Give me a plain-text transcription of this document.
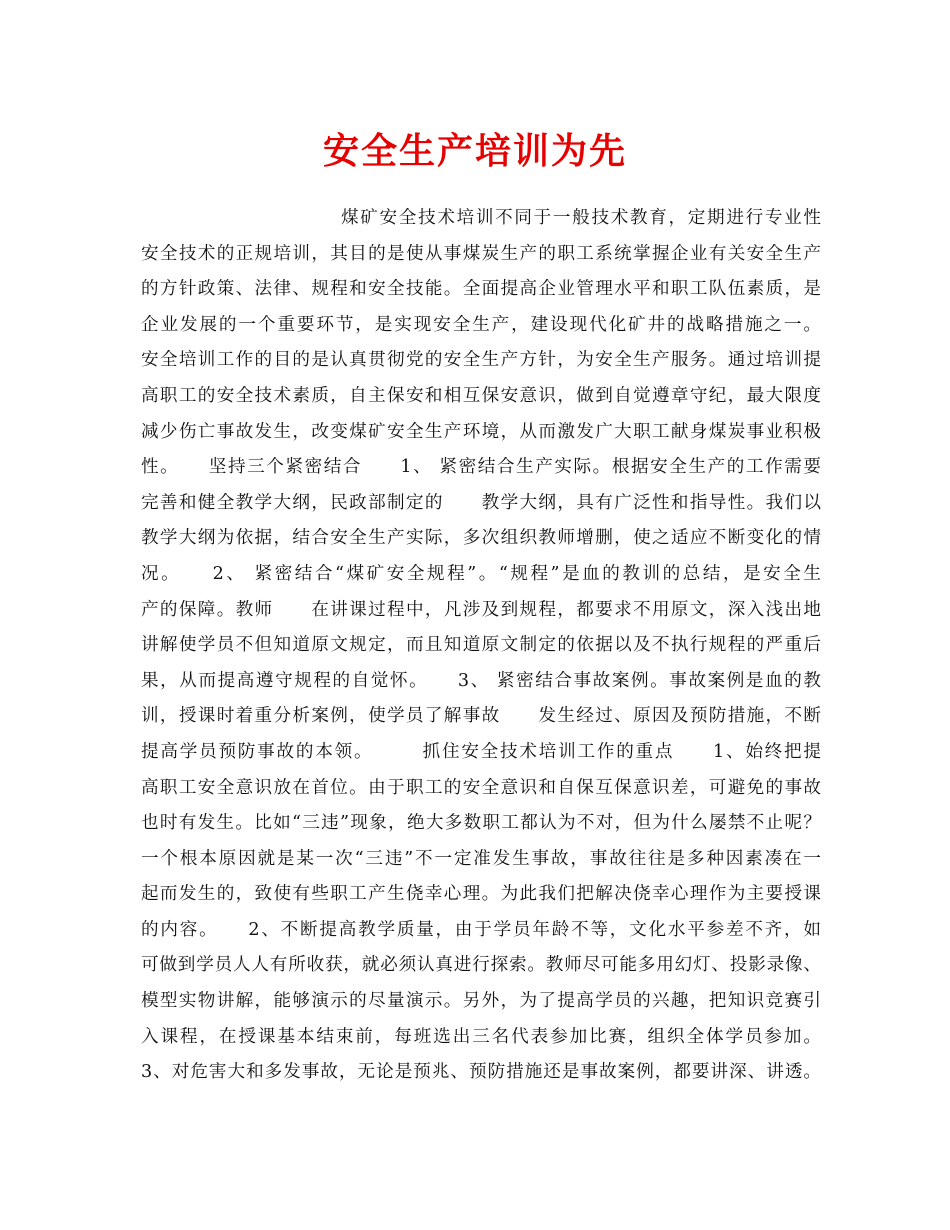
安全生产培训为先
煤矿安全技术培训不同于一般技术教育，定期进行专业性
安全技术的正规培训，其目的是使从事煤炭生产的职工系统掌握企业有关安全生产
的方针政策、法律、规程和安全技能。全面提高企业管理水平和职工队伍素质，是
企业发展的一个重要环节，是实现安全生产，建设现代化矿井的战略措施之一。
安全培训工作的目的是认真贯彻党的安全生产方针，为安全生产服务。通过培训提
高职工的安全技术素质，自主保安和相互保安意识，做到自觉遵章守纪，最大限度
减少伤亡事故发生，改变煤矿安全生产环境，从而激发广大职工献身煤炭事业积极
性。　　坚持三个紧密结合　　1、 紧密结合生产实际。根据安全生产的工作需要
完善和健全教学大纲，民政部制定的　　教学大纲，具有广泛性和指导性。我们以
教学大纲为依据，结合安全生产实际，多次组织教师增删，使之适应不断变化的情
况。　　2、 紧密结合“煤矿安全规程”。“规程”是血的教训的总结，是安全生
产的保障。教师　　在讲课过程中，凡涉及到规程，都要求不用原文，深入浅出地
讲解使学员不但知道原文规定，而且知道原文制定的依据以及不执行规程的严重后
果，从而提高遵守规程的自觉怀。　　3、 紧密结合事故案例。事故案例是血的教
训，授课时着重分析案例，使学员了解事故　　发生经过、原因及预防措施，不断
提高学员预防事故的本领。　　　抓住安全技术培训工作的重点　　1、始终把提
高职工安全意识放在首位。由于职工的安全意识和自保互保意识差，可避免的事故
也时有发生。比如“三违”现象，绝大多数职工都认为不对，但为什么屡禁不止呢？
一个根本原因就是某一次“三违”不一定准发生事故，事故往往是多种因素凑在一
起而发生的，致使有些职工产生侥幸心理。为此我们把解决侥幸心理作为主要授课
的内容。　　2、不断提高教学质量，由于学员年龄不等，文化水平参差不齐，如
可做到学员人人有所收获，就必须认真进行探索。教师尽可能多用幻灯、投影录像、
模型实物讲解，能够演示的尽量演示。另外，为了提高学员的兴趣，把知识竞赛引
入课程，在授课基本结束前，每班选出三名代表参加比赛，组织全体学员参加。
3、对危害大和多发事故，无论是预兆、预防措施还是事故案例，都要讲深、讲透。
